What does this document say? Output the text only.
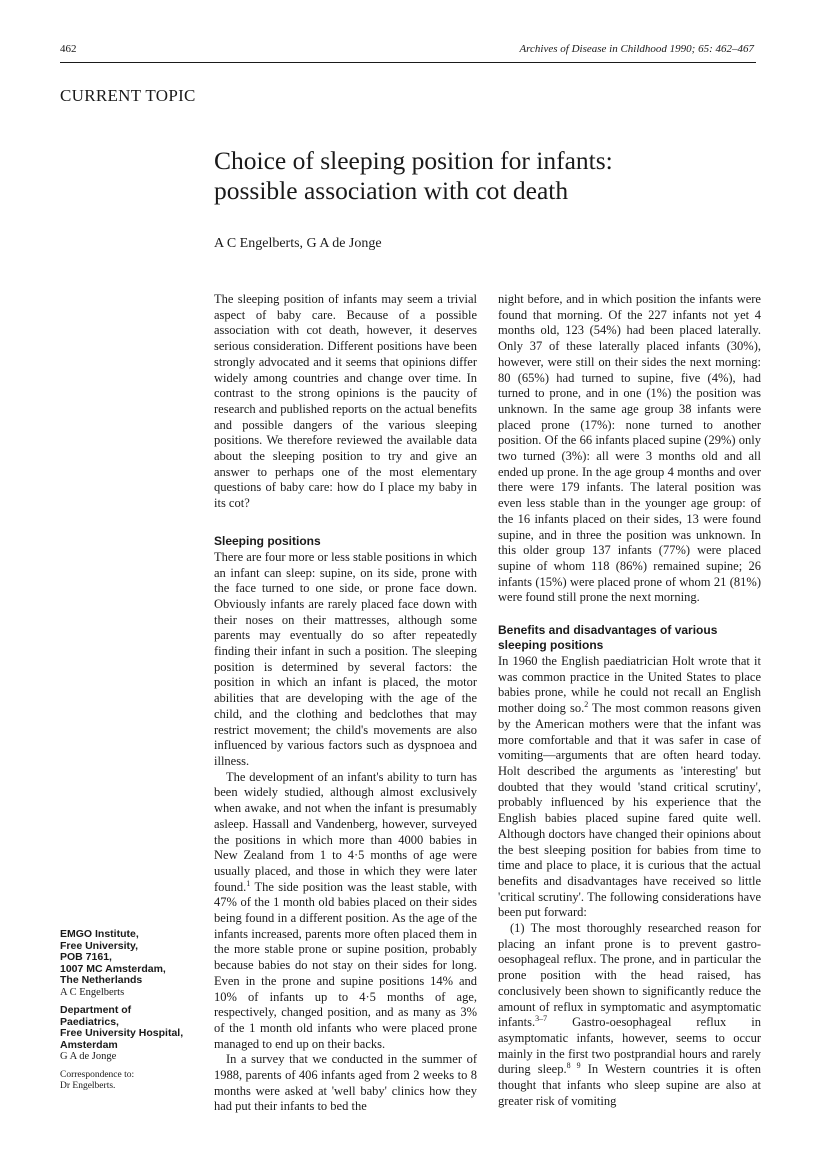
462	Archives of Disease in Childhood 1990; 65: 462–467
CURRENT TOPIC
Choice of sleeping position for infants:
possible association with cot death
A C Engelberts, G A de Jonge

The sleeping position of infants may seem a trivial aspect of baby care. Because of a possible association with cot death, however, it deserves serious consideration. Different positions have been strongly advocated and it seems that opinions differ widely among countries and change over time. In contrast to the strong opinions is the paucity of research and published reports on the actual benefits and possible dangers of the various sleeping positions. We therefore reviewed the available data about the sleeping position to try and give an answer to perhaps one of the most elementary questions of baby care: how do I place my baby in its cot?

Sleeping positions

There are four more or less stable positions in which an infant can sleep: supine, on its side, prone with the face turned to one side, or prone face down. Obviously infants are rarely placed face down with their noses on their mattresses, although some parents may eventually do so after repeatedly finding their infant in such a position. The sleeping position is determined by several factors: the position in which an infant is placed, the motor abilities that are developing with the age of the child, and the clothing and bedclothes that may restrict movement; the child's movements are also influenced by various factors such as dyspnoea and illness.

The development of an infant's ability to turn has been widely studied, although almost exclusively when awake, and not when the infant is presumably asleep. Hassall and Vandenberg, however, surveyed the positions in which more than 4000 babies in New Zealand from 1 to 4·5 months of age were usually placed, and those in which they were later found.$^1$ The side position was the least stable, with 47% of the 1 month old babies placed on their sides being found in a different position. As the age of the infants increased, parents more often placed them in the more stable prone or supine position, probably because babies do not stay on their sides for long. Even in the prone and supine positions 14% and 10% of infants up to 4·5 months of age, respectively, changed position, and as many as 3% of the 1 month old infants who were placed prone managed to end up on their backs.

In a survey that we conducted in the summer of 1988, parents of 406 infants aged from 2 weeks to 8 months were asked at 'well baby' clinics how they had put their infants to bed the

night before, and in which position the infants were found that morning. Of the 227 infants not yet 4 months old, 123 (54%) had been placed laterally. Only 37 of these laterally placed infants (30%), however, were still on their sides the next morning: 80 (65%) had turned to supine, five (4%), had turned to prone, and in one (1%) the position was unknown. In the same age group 38 infants were placed prone (17%): none turned to another position. Of the 66 infants placed supine (29%) only two turned (3%): all were 3 months old and all ended up prone. In the age group 4 months and over there were 179 infants. The lateral position was even less stable than in the younger age group: of the 16 infants placed on their sides, 13 were found supine, and in three the position was unknown. In this older group 137 infants (77%) were placed supine of whom 118 (86%) remained supine; 26 infants (15%) were placed prone of whom 21 (81%) were found still prone the next morning.

Benefits and disadvantages of various sleeping positions

In 1960 the English paediatrician Holt wrote that it was common practice in the United States to place babies prone, while he could not recall an English mother doing so.$^2$ The most common reasons given by the American mothers were that the infant was more comfortable and that it was safer in case of vomiting—arguments that are often heard today. Holt described the arguments as 'interesting' but doubted that they would 'stand critical scrutiny', probably influenced by his experience that the English babies placed supine fared quite well. Although doctors have changed their opinions about the best sleeping position for babies from time to time and place to place, it is curious that the actual benefits and disadvantages have received so little 'critical scrutiny'. The following considerations have been put forward:

(1) The most thoroughly researched reason for placing an infant prone is to prevent gastro-oesophageal reflux. The prone, and in particular the prone position with the head raised, has conclusively been shown to significantly reduce the amount of reflux in symptomatic and asymptomatic infants.$^{3-7}$ Gastro-oesophageal reflux in asymptomatic infants, however, seems to occur mainly in the first two postprandial hours and rarely during sleep.$^{8 9}$ In Western countries it is often thought that infants who sleep supine are also at greater risk of vomiting

EMGO Institute,
Free University,
POB 7161,
1007 MC Amsterdam,
The Netherlands
A C Engelberts
Department of
Paediatrics,
Free University Hospital,
Amsterdam
G A de Jonge
Correspondence to:
Dr Engelberts.
